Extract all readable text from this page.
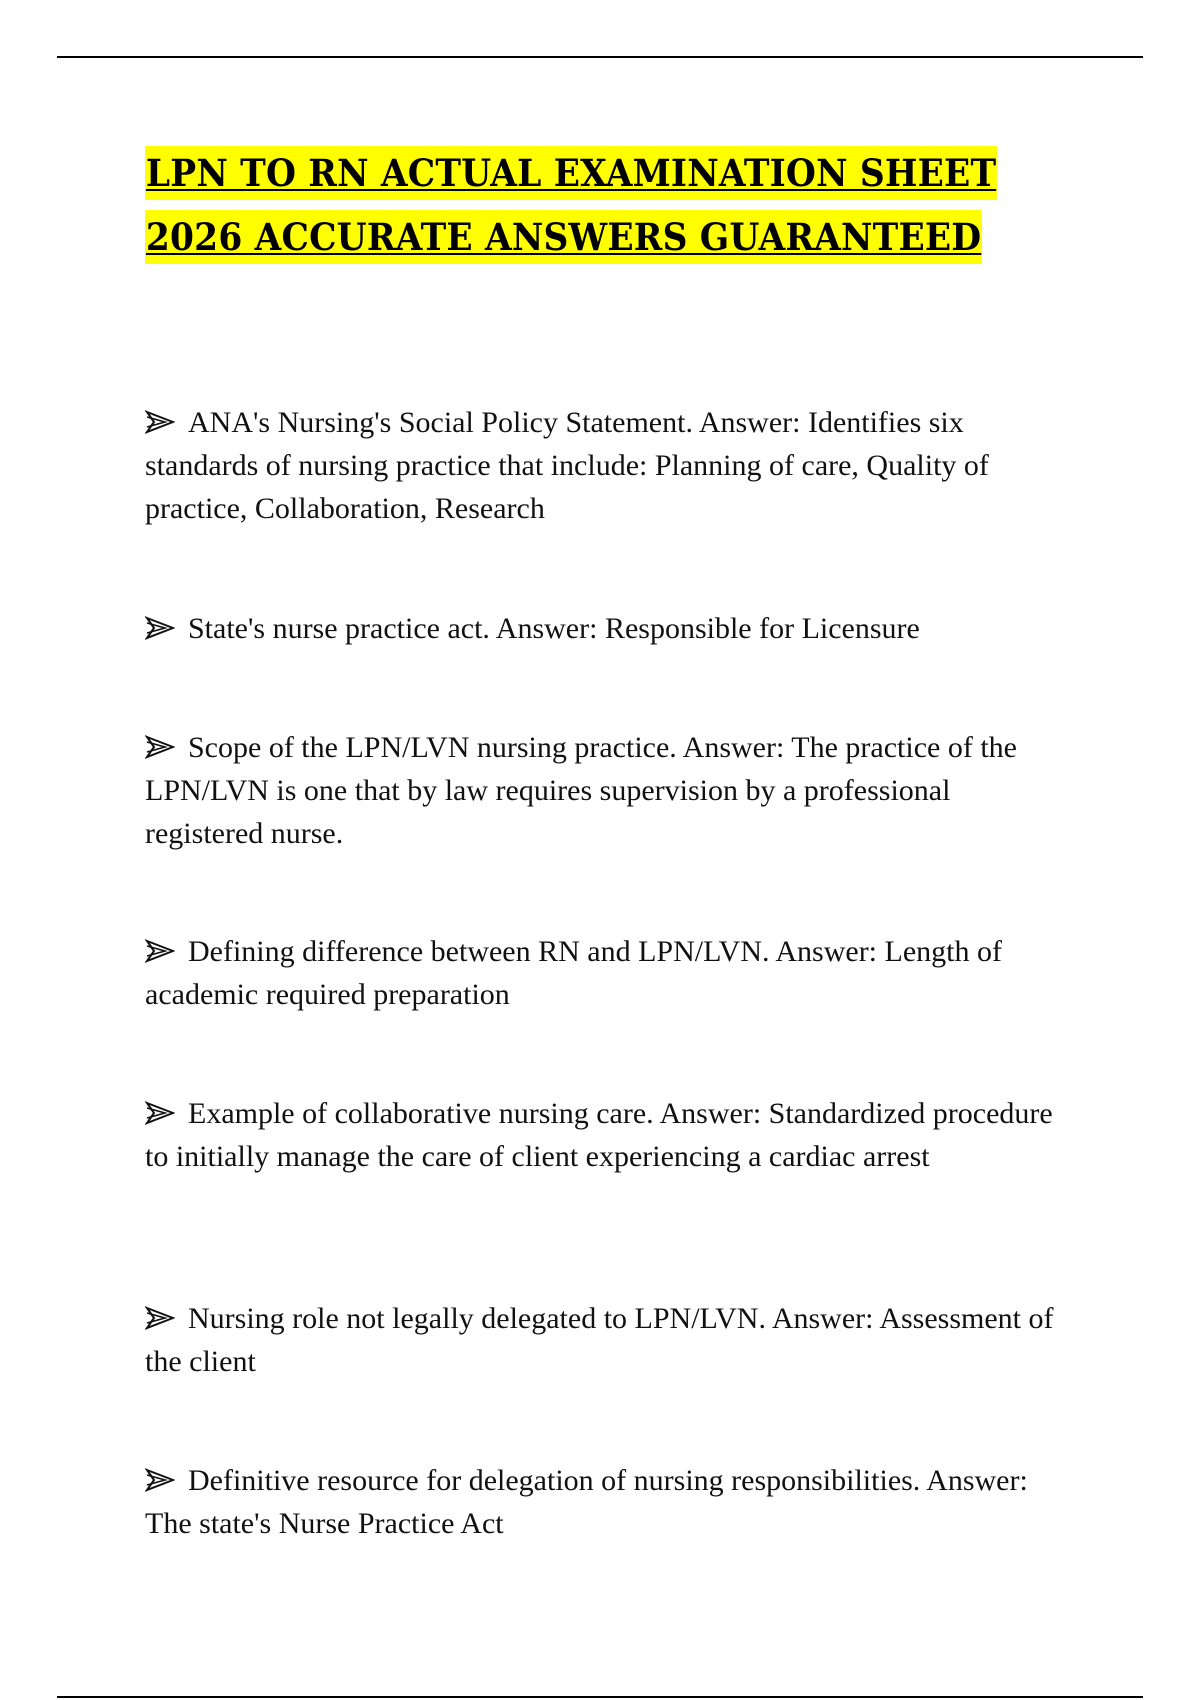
LPN TO RN ACTUAL EXAMINATION SHEET
2026 ACCURATE ANSWERS GUARANTEED

ANA's Nursing's Social Policy Statement. Answer: Identifies six standards of nursing practice that include: Planning of care, Quality of practice, Collaboration, Research

State's nurse practice act. Answer: Responsible for Licensure

Scope of the LPN/LVN nursing practice. Answer: The practice of the LPN/LVN is one that by law requires supervision by a professional registered nurse.

Defining difference between RN and LPN/LVN. Answer: Length of academic required preparation

Example of collaborative nursing care. Answer: Standardized procedure to initially manage the care of client experiencing a cardiac arrest

Nursing role not legally delegated to LPN/LVN. Answer: Assessment of the client

Definitive resource for delegation of nursing responsibilities. Answer: The state's Nurse Practice Act
